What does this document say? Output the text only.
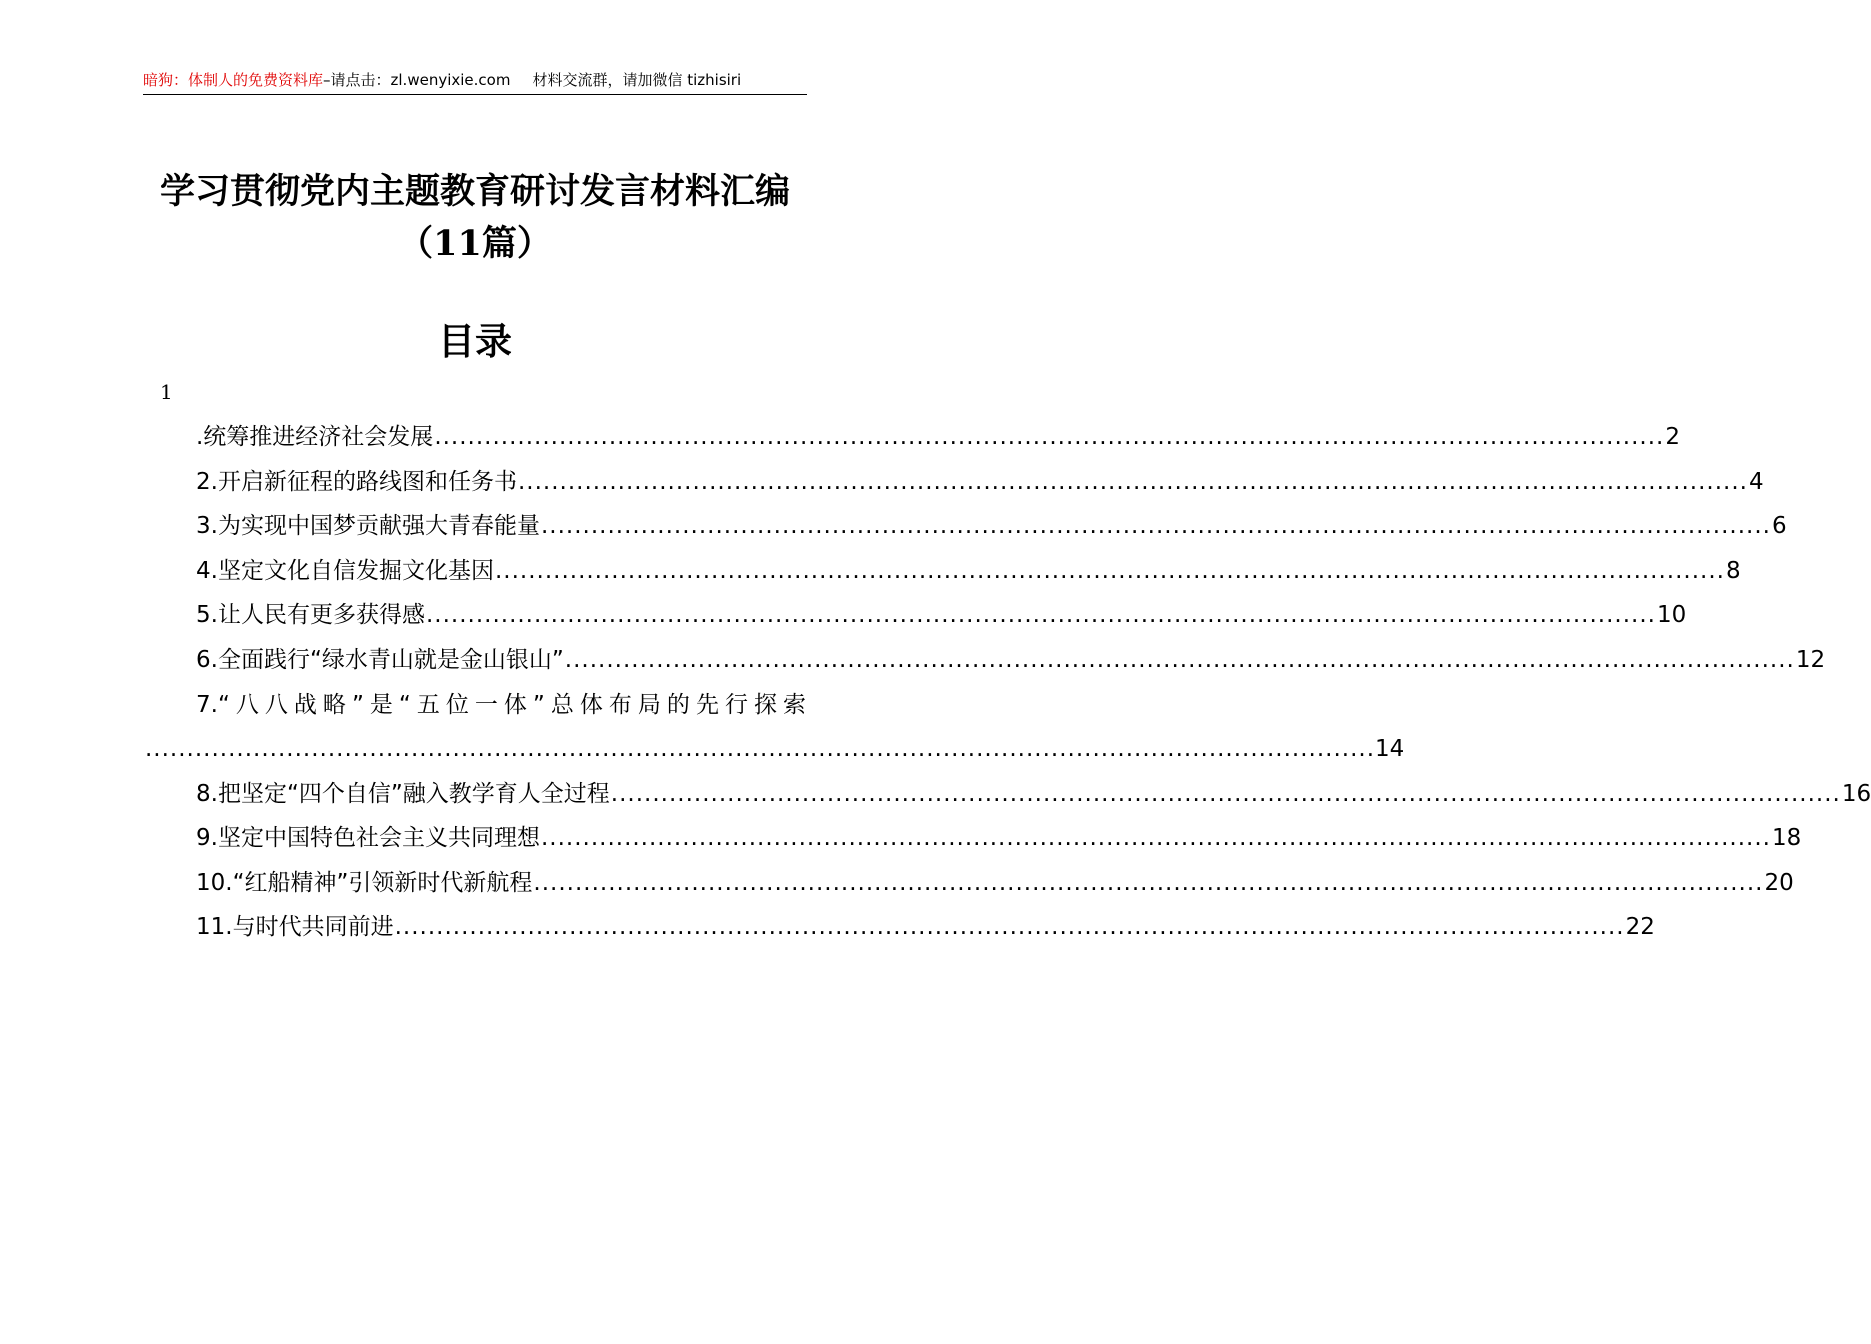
暗狗：体制人的免费资料库–请点击：zl.wenyixie.com 材料交流群，请加微信 tizhisiri
学习贯彻党内主题教育研讨发言材料汇编
（11篇）
目录
1
.统筹推进经济社会发展 .................................................................................................................................................... 2
2.开启新征程的路线图和任务书 .................................................................................................................................................... 4
3.为实现中国梦贡献强大青春能量 .................................................................................................................................................... 6
4.坚定文化自信发掘文化基因 .................................................................................................................................................... 8
5.让人民有更多获得感 .................................................................................................................................................... 10
6.全面践行“绿水青山就是金山银山” .................................................................................................................................................... 12
7.“八八战略”是“五位一体”总体布局的先行探索
.................................................................................................................................................... 14
8.把坚定“四个自信”融入教学育人全过程 .................................................................................................................................................... 16
9.坚定中国特色社会主义共同理想 .................................................................................................................................................... 18
10.“红船精神”引领新时代新航程 .................................................................................................................................................... 20
11.与时代共同前进 .................................................................................................................................................... 22
